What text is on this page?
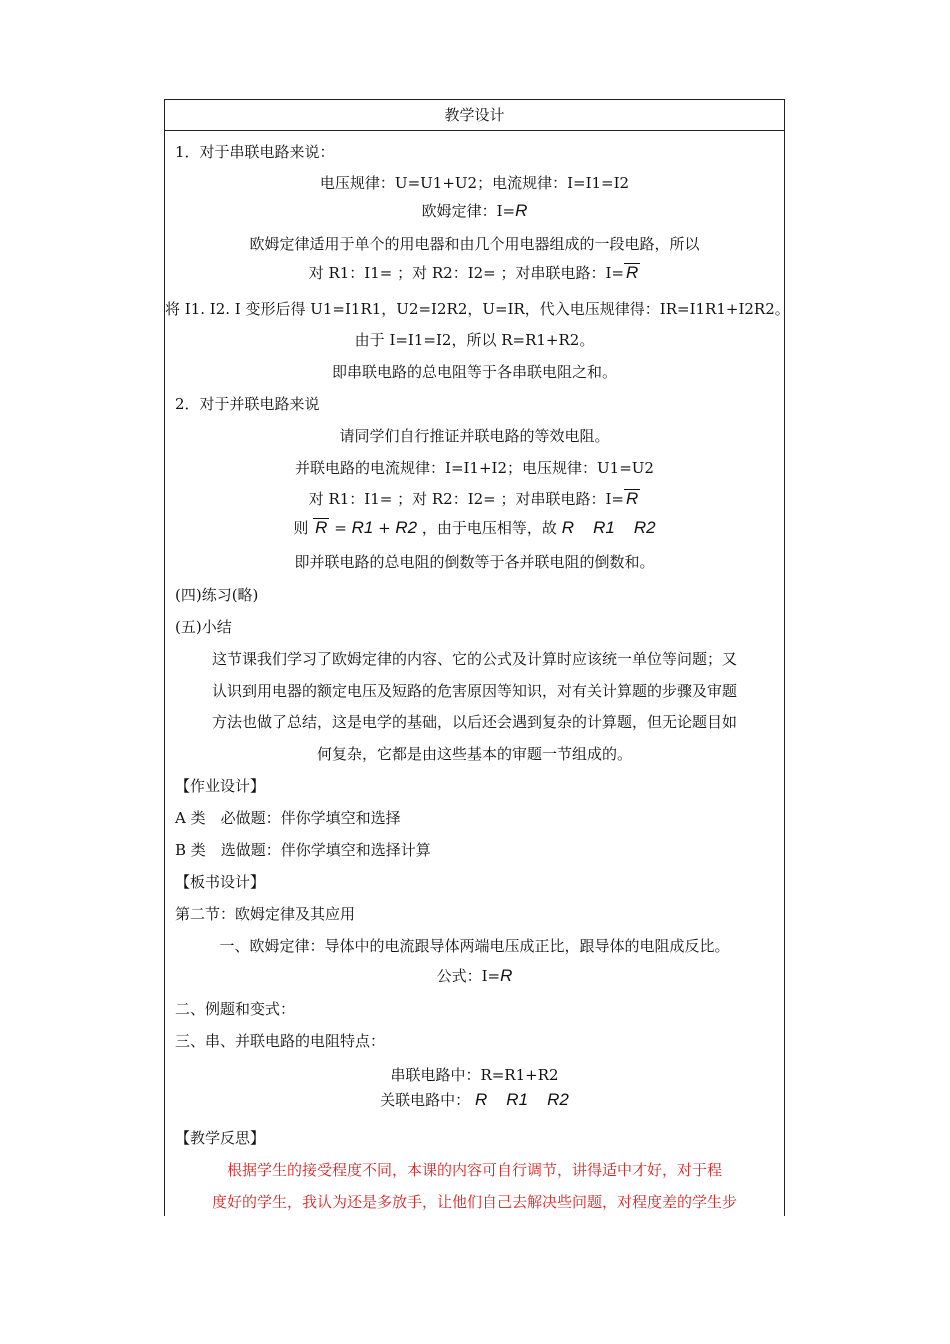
教学设计
1．对于串联电路来说：
电压规律：U=U1+U2；电流规律：I=I1=I2
欧姆定律：I=R
欧姆定律适用于单个的用电器和由几个用电器组成的一段电路，所以
对 R1：I1= ；对 R2：I2= ；对串联电路：I= R
将 I1. I2. I 变形后得 U1=I1R1，U2=I2R2，U=IR，代入电压规律得：IR=I1R1+I2R2。
由于 I=I1=I2，所以 R=R1+R2。
即串联电路的总电阻等于各串联电阻之和。
2．对于并联电路来说
请同学们自行推证并联电路的等效电阻。
并联电路的电流规律：I=I1+I2；电压规律：U1=U2
对 R1：I1= ；对 R2：I2= ；对串联电路：I= R
则 R = R1 + R2 ，由于电压相等，故 R R1 R2
即并联电路的总电阻的倒数等于各并联电阻的倒数和。
(四)练习(略)
(五)小结
这节课我们学习了欧姆定律的内容、它的公式及计算时应该统一单位等问题；又
认识到用电器的额定电压及短路的危害原因等知识，对有关计算题的步骤及审题
方法也做了总结，这是电学的基础，以后还会遇到复杂的计算题，但无论题目如
何复杂，它都是由这些基本的审题一节组成的。
【作业设计】
A 类　必做题：伴你学填空和选择
B 类　选做题：伴你学填空和选择计算
【板书设计】
第二节：欧姆定律及其应用
一、欧姆定律：导体中的电流跟导体两端电压成正比，跟导体的电阻成反比。
公式：I=R
二、例题和变式：
三、串、并联电路的电阻特点：
串联电路中：R=R1+R2
关联电路中： R R1 R2
【教学反思】
根据学生的接受程度不同，本课的内容可自行调节，讲得适中才好，对于程
度好的学生，我认为还是多放手，让他们自己去解决些问题，对程度差的学生步
